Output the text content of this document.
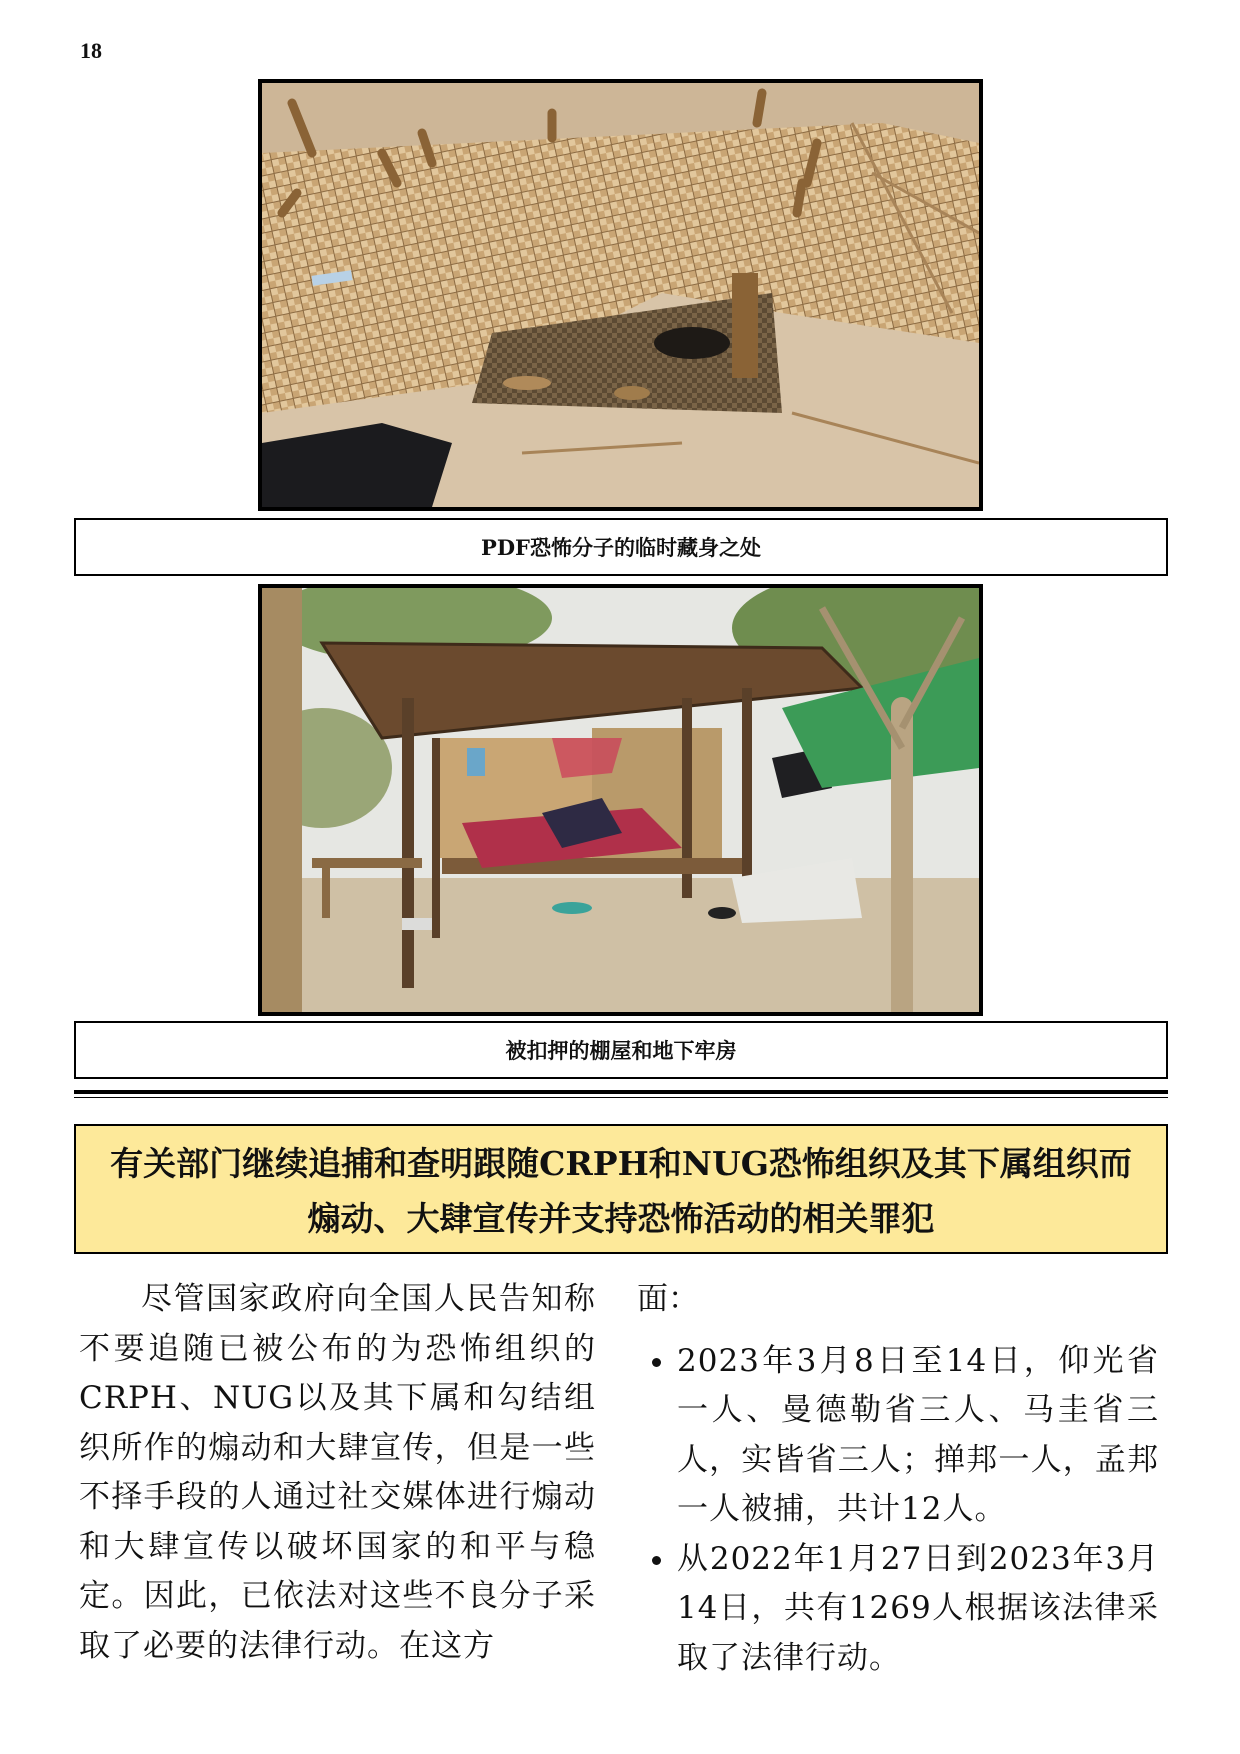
18
PDF恐怖分子的临时藏身之处
被扣押的棚屋和地下牢房
有关部门继续追捕和查明跟随CRPH和NUG恐怖组织及其下属组织而
煽动、大肆宣传并支持恐怖活动的相关罪犯

尽管国家政府向全国人民告知称不要追随已被公布的为恐怖组织的CRPH、NUG以及其下属和勾结组织所作的煽动和大肆宣传，但是一些不择手段的人通过社交媒体进行煽动和大肆宣传以破坏国家的和平与稳定。因此，已依法对这些不良分子采取了必要的法律行动。在这方

面：

• 2023年3月8日至14日，仰光省一人、曼德勒省三人、马圭省三人，实皆省三人；掸邦一人，孟邦一人被捕，共计12人。
• 从2022年1月27日到2023年3月14日，共有1269人根据该法律采取了法律行动。
